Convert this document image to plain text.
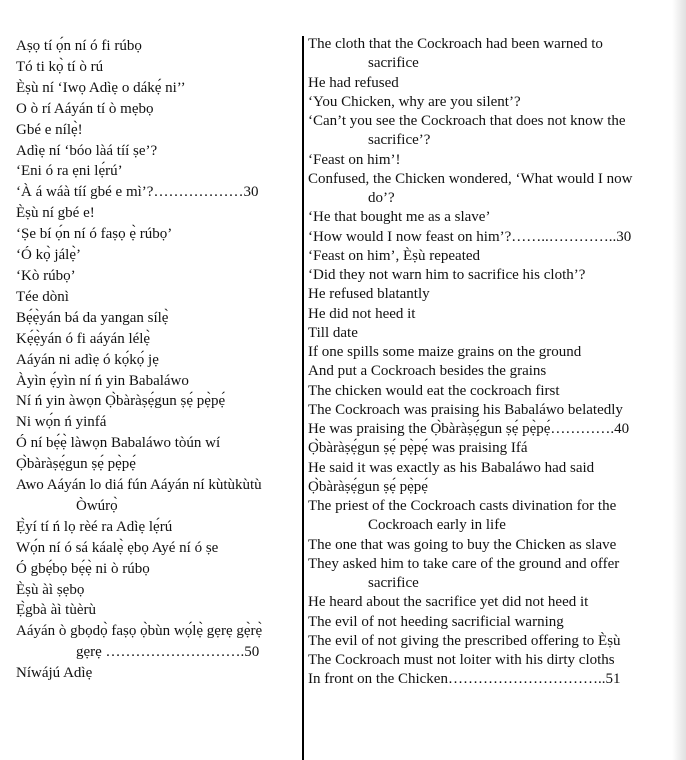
Aṣọ tí ọ́n ní ó fi rúbọ
Tó ti kọ̀ tí ò rú
Èṣù ní ‘Iwọ Adìẹ o dákẹ́ ni’’
O ò rí Aáyán tí ò mẹbọ
Gbé e nílẹ̀!
Adìẹ ní ‘bóo làá tíí ṣe’?
‘Eni ó ra ẹni lẹ́rú’
‘À á wáà tíí gbé e mì’?………………30
Èṣù ní gbé e!
‘Ṣe bí ọ́n ní ó faṣọ ẹ̀ rúbọ’
‘Ó kọ̀ jálẹ̀’
‘Kò rúbọ’
Tée dònì
Bẹ́ẹ̀yán bá da yangan sílẹ̀
Kẹ́ẹ̀yán ó fi aáyán lélẹ̀
Aáyán ni adìẹ ó kọ́kọ́ jẹ
Àyìn ẹ́yìn ní ń yin Babaláwo
Ní ń yin àwọn Ọ̀bàràṣẹ́gun ṣẹ́ pẹ̀pẹ́
Ni wọ́n ń yinfá
Ó ní bẹ́ẹ̀ làwọn Babaláwo tòún wí
Ọ̀bàràṣẹ́gun ṣẹ́ pẹ̀pẹ́
Awo Aáyán lo diá fún Aáyán ní kùtùkùtù
Òwúrọ̀
Ẹ̀yí tí ń lọ rèé ra Adìẹ lẹ́rú
Wọ́n ní ó sá káalẹ̀ ẹbọ Ayé ní ó ṣe
Ó gbẹ́bọ bẹ́ẹ̀ ni ò rúbọ
Èṣù àì ṣẹbọ
Ẹ̀gbà àì tùèrù
Aáyán ò gbọdọ̀ faṣọ ọ̀bùn wọ́lẹ̀ gẹrẹ gẹ̀rẹ̀
gẹrẹ ……………………….50
Níwájú Adìẹ
The cloth that the Cockroach had been warned to
sacrifice
He had refused
‘You Chicken, why are you silent’?
‘Can’t you see the Cockroach that does not know the
sacrifice’?
‘Feast on him’!
Confused, the Chicken wondered, ‘What would I now
do’?
‘He that bought me as a slave’
‘How would I now feast on him’?……..…………..30
‘Feast on him’, Èṣù repeated
‘Did they not warn him to sacrifice his cloth’?
He refused blatantly
He did not heed it
Till date
If one spills some maize grains on the ground
And put a Cockroach besides the grains
The chicken would eat the cockroach first
The Cockroach was praising his Babaláwo belatedly
He was praising the Ọ̀bàràṣẹ́gun ṣẹ́ pẹ̀pẹ́………….40
Ọ̀bàràṣẹ́gun ṣẹ́ pẹ̀pẹ́ was praising Ifá
He said it was exactly as his Babaláwo had said
Ọ̀bàràṣẹ́gun ṣẹ́ pẹ̀pẹ́
The priest of the Cockroach casts divination for the
Cockroach early in life
The one that was going to buy the Chicken as slave
They asked him to take care of the ground and offer
sacrifice
He heard about the sacrifice yet did not heed it
The evil of not heeding sacrificial warning
The evil of not giving the prescribed offering to Èṣù
The Cockroach must not loiter with his dirty cloths
In front on the Chicken…………………………..51
